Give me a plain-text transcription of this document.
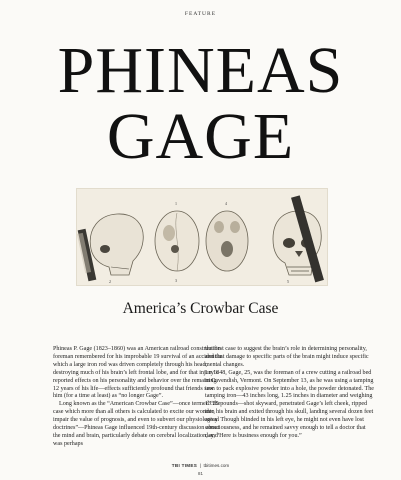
FEATURE
PHINEAS
GAGE
2
1
3
4
5
America’s Crowbar Case

Phineas P. Gage (1823–1860) was an American railroad construction foreman remembered for his improbable 19 survival of an accident in which a large iron rod was driven completely through his head, destroying much of his brain’s left frontal lobe, and for that injury’s reported effects on his personality and behavior over the remaining 12 years of his life—effects sufficiently profound that friends saw him (for a time at least) as “no longer Gage”.

Long known as the “American Crowbar Case”—once termed “the case which more than all others is calculated to excite our wonder, impair the value of prognosis, and even to subvert our physiological doctrines”—Phineas Gage influenced 19th-century discussion about the mind and brain, particularly debate on cerebral localization, and was perhaps

the first case to suggest the brain’s role in determining personality, and that damage to specific parts of the brain might induce specific mental changes.

I n 1848, Gage, 25, was the foreman of a crew cutting a railroad bed in Cavendish, Vermont. On September 13, as he was using a tamping iron to pack explosive powder into a hole, the powder detonated. The tamping iron—43 inches long, 1.25 inches in diameter and weighing 13.25 pounds—shot skyward, penetrated Gage’s left cheek, ripped into his brain and exited through his skull, landing several dozen feet away. Though blinded in his left eye, he might not even have lost consciousness, and he remained savvy enough to tell a doctor that day, “Here is business enough for you.”

TBI TIMES  |  tbitimes.com
81
